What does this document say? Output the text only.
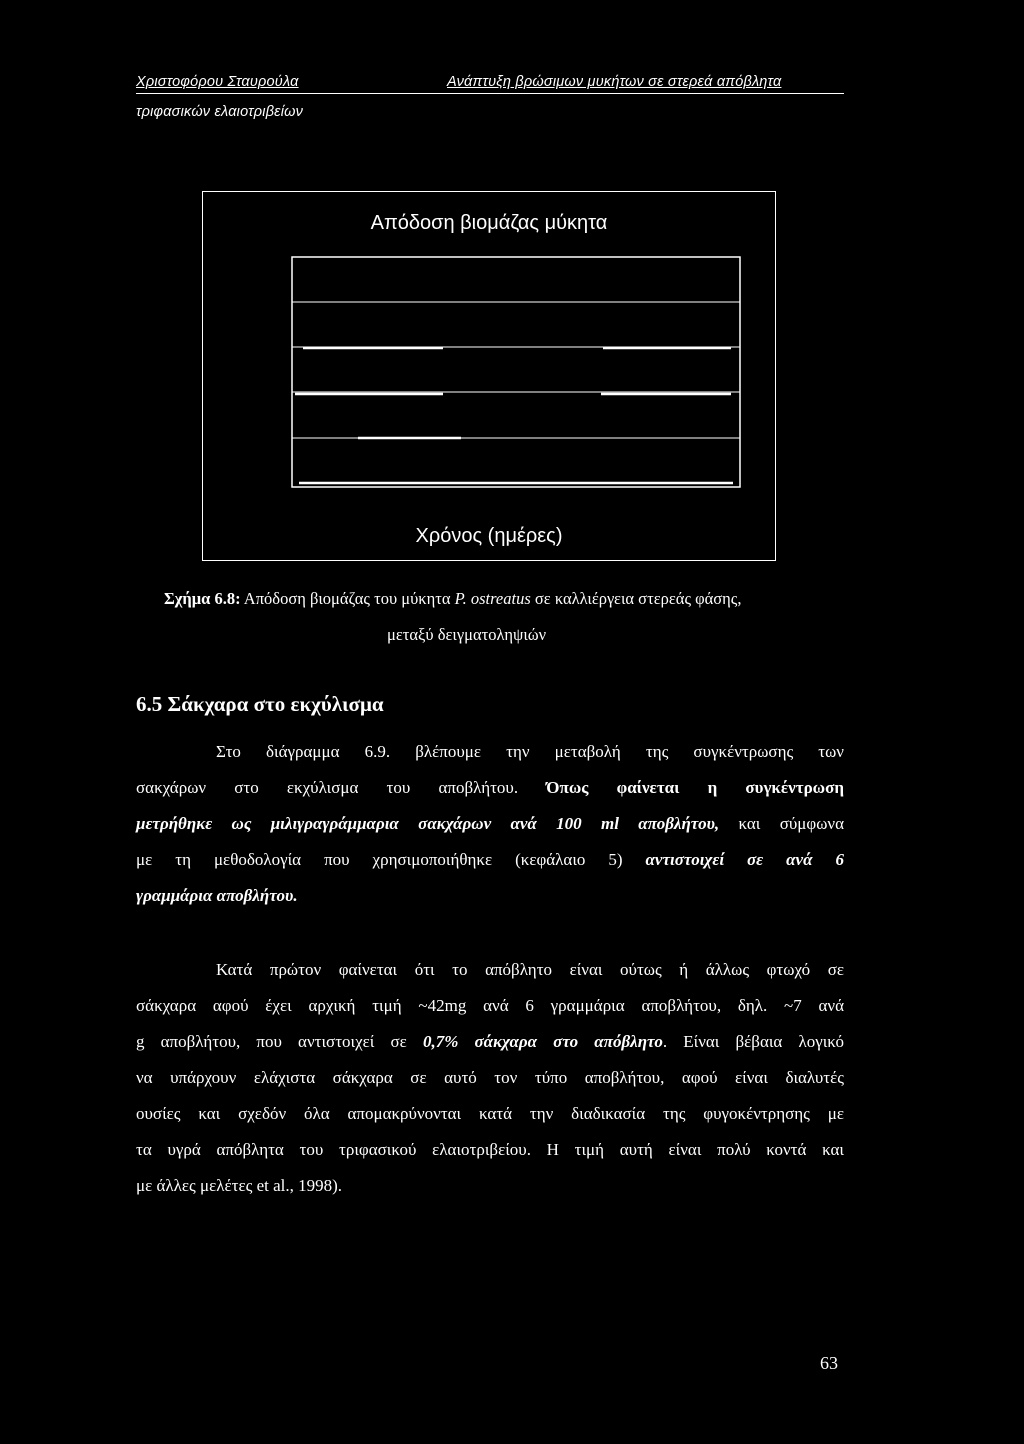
Χριστοφόρου Σταυρούλα
τριφασικών ελαιοτριβείων
Ανάπτυξη βρώσιμων μυκήτων σε στερεά απόβλητα
Απόδοση βιομάζας μύκητα
Χρόνος (ημέρες)
Σχήμα 6.8: Απόδοση βιομάζας του μύκητα P. ostreatus σε καλλιέργεια στερεάς φάσης,
μεταξύ δειγματοληψιών
6.5 Σάκχαρα στο εκχύλισμα
Στο διάγραμμα 6.9. βλέπουμε την μεταβολή της συγκέντρωσης των
σακχάρων στο εκχύλισμα του αποβλήτου. Όπως φαίνεται η συγκέντρωση
μετρήθηκε ως μιλιγραγράμμαρια σακχάρων ανά 100 ml αποβλήτου, και σύμφωνα
με τη μεθοδολογία που χρησιμοποιήθηκε (κεφάλαιο 5) αντιστοιχεί σε ανά 6
γραμμάρια αποβλήτου.
Κατά πρώτον φαίνεται ότι το απόβλητο είναι ούτως ή άλλως φτωχό σε
σάκχαρα αφού έχει αρχική τιμή ~42mg ανά 6 γραμμάρια αποβλήτου, δηλ. ~7 ανά
g αποβλήτου, που αντιστοιχεί σε 0,7% σάκχαρα στο απόβλητο. Είναι βέβαια λογικό
να υπάρχουν ελάχιστα σάκχαρα σε αυτό τον τύπο αποβλήτου, αφού είναι διαλυτές
ουσίες και σχεδόν όλα απομακρύνονται κατά την διαδικασία της φυγοκέντρησης με
τα υγρά απόβλητα του τριφασικού ελαιοτριβείου. Η τιμή αυτή είναι πολύ κοντά και
με άλλες μελέτες et al., 1998).
63
